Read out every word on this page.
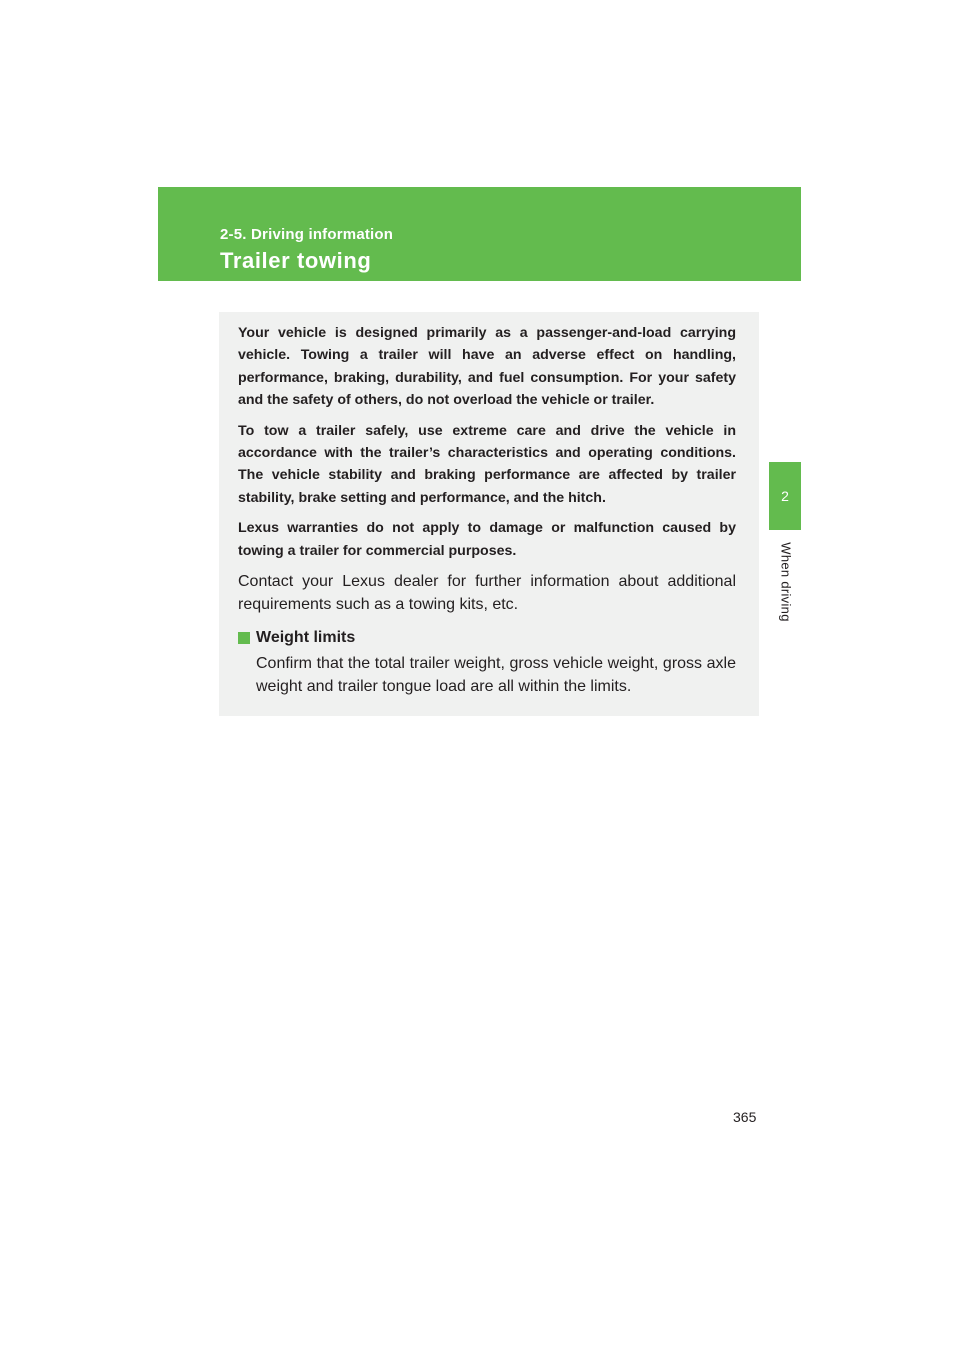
2-5. Driving information
Trailer towing
2
When driving

Your vehicle is designed primarily as a passenger-and-load carrying vehicle. Towing a trailer will have an adverse effect on handling, performance, braking, durability, and fuel consumption. For your safety and the safety of others, do not overload the vehicle or trailer.

To tow a trailer safely, use extreme care and drive the vehicle in accordance with the trailer’s characteristics and operating conditions. The vehicle stability and braking performance are affected by trailer stability, brake setting and performance, and the hitch.

Lexus warranties do not apply to damage or malfunction caused by towing a trailer for commercial purposes.

Contact your Lexus dealer for further information about additional requirements such as a towing kits, etc.

Weight limits

Confirm that the total trailer weight, gross vehicle weight, gross axle weight and trailer tongue load are all within the limits.

365
